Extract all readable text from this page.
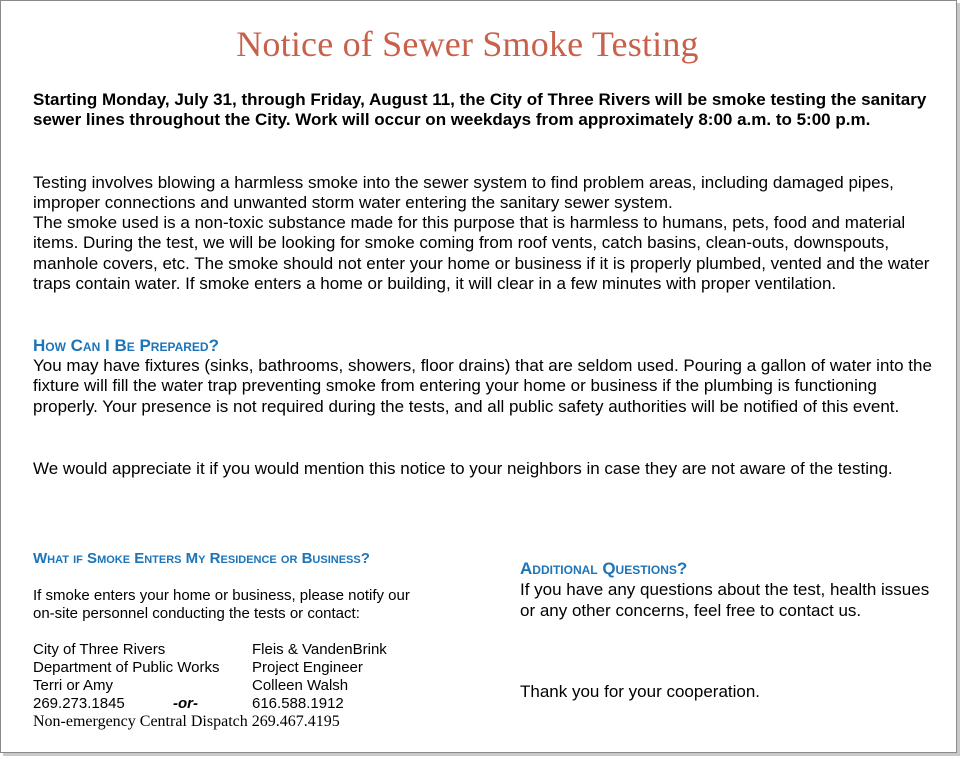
Notice of Sewer Smoke Testing
Starting Monday, July 31, through Friday, August 11, the City of Three Rivers will be smoke testing the sanitary sewer lines throughout the City. Work will occur on weekdays from approximately 8:00 a.m. to 5:00 p.m.
Testing involves blowing a harmless smoke into the sewer system to find problem areas, including damaged pipes, improper connections and unwanted storm water entering the sanitary sewer system.
The smoke used is a non-toxic substance made for this purpose that is harmless to humans, pets, food and material items. During the test, we will be looking for smoke coming from roof vents, catch basins, clean-outs, downspouts, manhole covers, etc. The smoke should not enter your home or business if it is properly plumbed, vented and the water traps contain water. If smoke enters a home or building, it will clear in a few minutes with proper ventilation.
How Can I Be Prepared?
You may have fixtures (sinks, bathrooms, showers, floor drains) that are seldom used. Pouring a gallon of water into the fixture will fill the water trap preventing smoke from entering your home or business if the plumbing is functioning properly. Your presence is not required during the tests, and all public safety authorities will be notified of this event.
We would appreciate it if you would mention this notice to your neighbors in case they are not aware of the testing.
What if Smoke Enters My Residence or Business?
If smoke enters your home or business, please notify our on-site personnel conducting the tests or contact:
City of Three Rivers	Fleis & VandenBrink
Department of Public Works Project Engineer
Terri or Amy	Colleen Walsh
269.273.1845	-or-	616.588.1912
Non-emergency Central Dispatch 269.467.4195
Additional Questions?
If you have any questions about the test, health issues or any other concerns, feel free to contact us.
Thank you for your cooperation.
